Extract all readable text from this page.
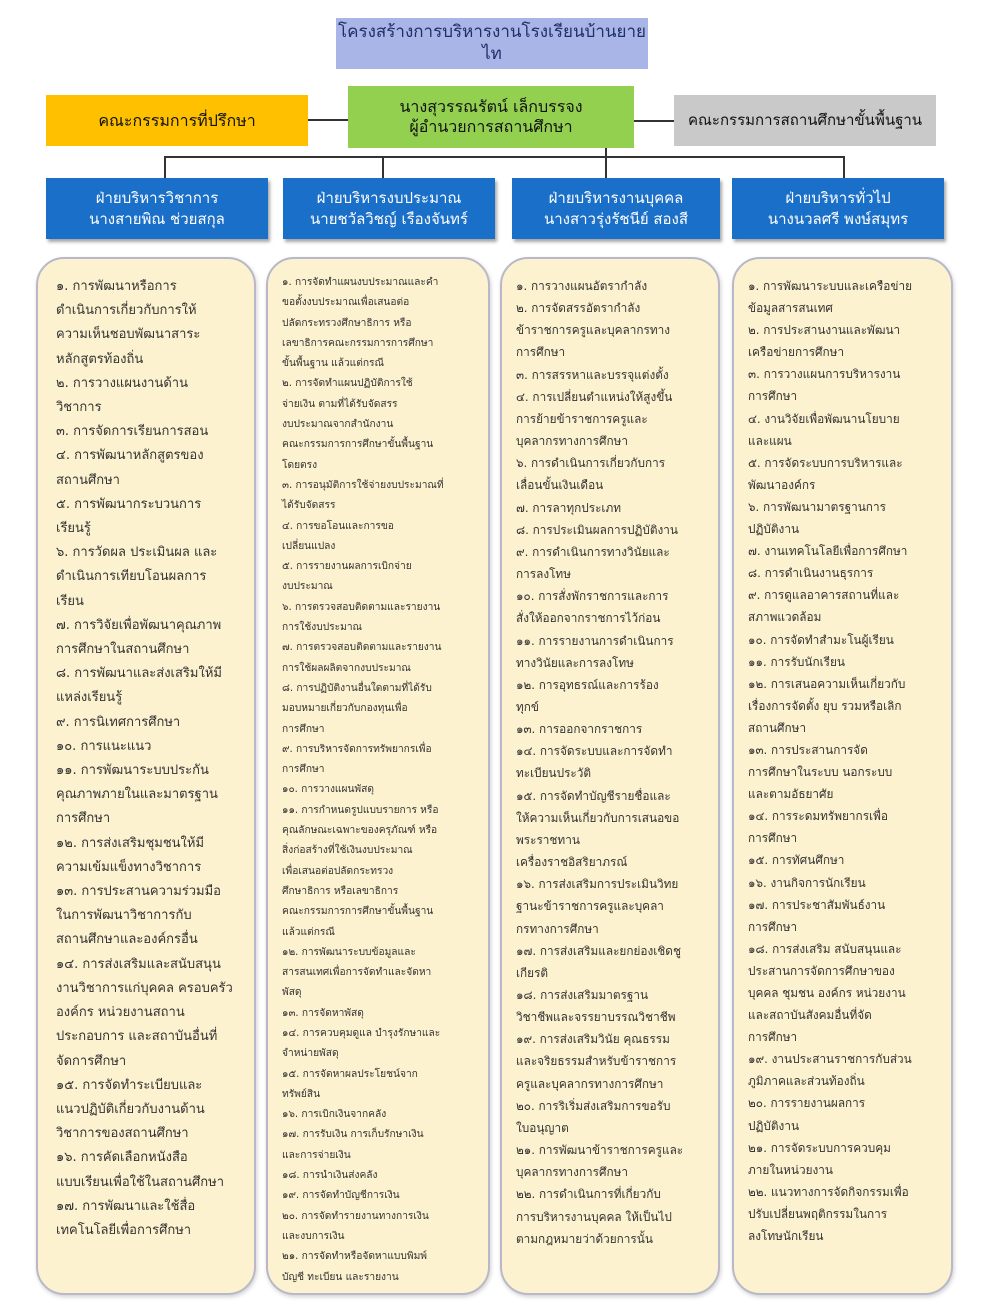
โครงสร้างการบริหารงานโรงเรียนบ้านยายไท
คณะกรรมการที่ปรึกษา
นางสุวรรณรัตน์ เล็กบรรจง
ผู้อำนวยการสถานศึกษา	คณะกรรมการสถานศึกษาขั้นพื้นฐาน
ฝ่ายบริหารวิชาการ
นางสายพิณ ช่วยสกุล
ฝ่ายบริหารงบประมาณ
นายชวัลวิชญ์ เรืองจันทร์
ฝ่ายบริหารงานบุคคล
นางสาวรุ่งรัชนีย์ สองสี
ฝ่ายบริหารทั่วไป
นางนวลศรี พงษ์สมุทร
๑. การพัฒนาหรือการ
ดำเนินการเกี่ยวกับการให้
ความเห็นชอบพัฒนาสาระ
หลักสูตรท้องถิ่น
๒. การวางแผนงานด้าน
วิชาการ
๓. การจัดการเรียนการสอน
๔. การพัฒนาหลักสูตรของ
สถานศึกษา
๕. การพัฒนากระบวนการ
เรียนรู้
๖. การวัดผล ประเมินผล และ
ดำเนินการเทียบโอนผลการ
เรียน
๗. การวิจัยเพื่อพัฒนาคุณภาพ
การศึกษาในสถานศึกษา
๘. การพัฒนาและส่งเสริมให้มี
แหล่งเรียนรู้
๙. การนิเทศการศึกษา
๑๐. การแนะแนว
๑๑. การพัฒนาระบบประกัน
คุณภาพภายในและมาตรฐาน
การศึกษา
๑๒. การส่งเสริมชุมชนให้มี
ความเข้มแข็งทางวิชาการ
๑๓. การประสานความร่วมมือ
ในการพัฒนาวิชาการกับ
สถานศึกษาและองค์กรอื่น
๑๔. การส่งเสริมและสนับสนุน
งานวิชาการแก่บุคคล ครอบครัว
องค์กร หน่วยงานสถาน
ประกอบการ และสถาบันอื่นที่
จัดการศึกษา
๑๕. การจัดทำระเบียบและ
แนวปฏิบัติเกี่ยวกับงานด้าน
วิชาการของสถานศึกษา
๑๖. การคัดเลือกหนังสือ
แบบเรียนเพื่อใช้ในสถานศึกษา
๑๗. การพัฒนาและใช้สื่อ
เทคโนโลยีเพื่อการศึกษา
๑. การจัดทำแผนงบประมาณและคำ
ขอตั้งงบประมาณเพื่อเสนอต่อ
ปลัดกระทรวงศึกษาธิการ หรือ
เลขาธิการคณะกรรมการการศึกษา
ขั้นพื้นฐาน แล้วแต่กรณี
๒. การจัดทำแผนปฏิบัติการใช้
จ่ายเงิน ตามที่ได้รับจัดสรร
งบประมาณจากสำนักงาน
คณะกรรมการการศึกษาขั้นพื้นฐาน
โดยตรง
๓. การอนุมัติการใช้จ่ายงบประมาณที่
ได้รับจัดสรร
๔. การขอโอนและการขอ
เปลี่ยนแปลง
๕. การรายงานผลการเบิกจ่าย
งบประมาณ
๖. การตรวจสอบติดตามและรายงาน
การใช้งบประมาณ
๗. การตรวจสอบติดตามและรายงาน
การใช้ผลผลิตจากงบประมาณ
๘. การปฏิบัติงานอื่นใดตามที่ได้รับ
มอบหมายเกี่ยวกับกองทุนเพื่อ
การศึกษา
๙. การบริหารจัดการทรัพยากรเพื่อ
การศึกษา
๑๐. การวางแผนพัสดุ
๑๑. การกำหนดรูปแบบรายการ หรือ
คุณลักษณะเฉพาะของครุภัณฑ์ หรือ
สิ่งก่อสร้างที่ใช้เงินงบประมาณ
เพื่อเสนอต่อปลัดกระทรวง
ศึกษาธิการ หรือเลขาธิการ
คณะกรรมการการศึกษาขั้นพื้นฐาน
แล้วแต่กรณี
๑๒. การพัฒนาระบบข้อมูลและ
สารสนเทศเพื่อการจัดทำและจัดหา
พัสดุ
๑๓. การจัดหาพัสดุ
๑๔. การควบคุมดูแล บำรุงรักษาและ
จำหน่ายพัสดุ
๑๕. การจัดหาผลประโยชน์จาก
ทรัพย์สิน
๑๖. การเบิกเงินจากคลัง
๑๗. การรับเงิน การเก็บรักษาเงิน
และการจ่ายเงิน
๑๘. การนำเงินส่งคลัง
๑๙. การจัดทำบัญชีการเงิน
๒๐. การจัดทำรายงานทางการเงิน
และงบการเงิน
๒๑. การจัดทำหรือจัดหาแบบพิมพ์
บัญชี ทะเบียน และรายงาน
๑. การวางแผนอัตรากำลัง
๒. การจัดสรรอัตรากำลัง
ข้าราชการครูและบุคลากรทาง
การศึกษา
๓. การสรรหาและบรรจุแต่งตั้ง
๔. การเปลี่ยนตำแหน่งให้สูงขึ้น
การย้ายข้าราชการครูและ
บุคลากรทางการศึกษา
๖. การดำเนินการเกี่ยวกับการ
เลื่อนขั้นเงินเดือน
๗. การลาทุกประเภท
๘. การประเมินผลการปฏิบัติงาน
๙. การดำเนินการทางวินัยและ
การลงโทษ
๑๐. การสั่งพักราชการและการ
สั่งให้ออกจากราชการไว้ก่อน
๑๑. การรายงานการดำเนินการ
ทางวินัยและการลงโทษ
๑๒. การอุทธรณ์และการร้อง
ทุกข์
๑๓. การออกจากราชการ
๑๔. การจัดระบบและการจัดทำ
ทะเบียนประวัติ
๑๕. การจัดทำบัญชีรายชื่อและ
ให้ความเห็นเกี่ยวกับการเสนอขอ
พระราชทาน
เครื่องราชอิสริยาภรณ์
๑๖. การส่งเสริมการประเมินวิทย
ฐานะข้าราชการครูและบุคลา
กรทางการศึกษา
๑๗. การส่งเสริมและยกย่องเชิดชู
เกียรติ
๑๘. การส่งเสริมมาตรฐาน
วิชาชีพและจรรยาบรรณวิชาชีพ
๑๙. การส่งเสริมวินัย คุณธรรม
และจริยธรรมสำหรับข้าราชการ
ครูและบุคลากรทางการศึกษา
๒๐. การริเริ่มส่งเสริมการขอรับ
ใบอนุญาต
๒๑. การพัฒนาข้าราชการครูและ
บุคลากรทางการศึกษา
๒๒. การดำเนินการที่เกี่ยวกับ
การบริหารงานบุคคล ให้เป็นไป
ตามกฎหมายว่าด้วยการนั้น
๑. การพัฒนาระบบและเครือข่าย
ข้อมูลสารสนเทศ
๒. การประสานงานและพัฒนา
เครือข่ายการศึกษา
๓. การวางแผนการบริหารงาน
การศึกษา
๔. งานวิจัยเพื่อพัฒนานโยบาย
และแผน
๕. การจัดระบบการบริหารและ
พัฒนาองค์กร
๖. การพัฒนามาตรฐานการ
ปฏิบัติงาน
๗. งานเทคโนโลยีเพื่อการศึกษา
๘. การดำเนินงานธุรการ
๙. การดูแลอาคารสถานที่และ
สภาพแวดล้อม
๑๐. การจัดทำสำมะโนผู้เรียน
๑๑. การรับนักเรียน
๑๒. การเสนอความเห็นเกี่ยวกับ
เรื่องการจัดตั้ง ยุบ รวมหรือเลิก
สถานศึกษา
๑๓. การประสานการจัด
การศึกษาในระบบ นอกระบบ
และตามอัธยาศัย
๑๔. การระดมทรัพยากรเพื่อ
การศึกษา
๑๕. การทัศนศึกษา
๑๖. งานกิจการนักเรียน
๑๗. การประชาสัมพันธ์งาน
การศึกษา
๑๘. การส่งเสริม สนับสนุนและ
ประสานการจัดการศึกษาของ
บุคคล ชุมชน องค์กร หน่วยงาน
และสถาบันสังคมอื่นที่จัด
การศึกษา
๑๙. งานประสานราชการกับส่วน
ภูมิภาคและส่วนท้องถิ่น
๒๐. การรายงานผลการ
ปฏิบัติงาน
๒๑. การจัดระบบการควบคุม
ภายในหน่วยงาน
๒๒. แนวทางการจัดกิจกรรมเพื่อ
ปรับเปลี่ยนพฤติกรรมในการ
ลงโทษนักเรียน
